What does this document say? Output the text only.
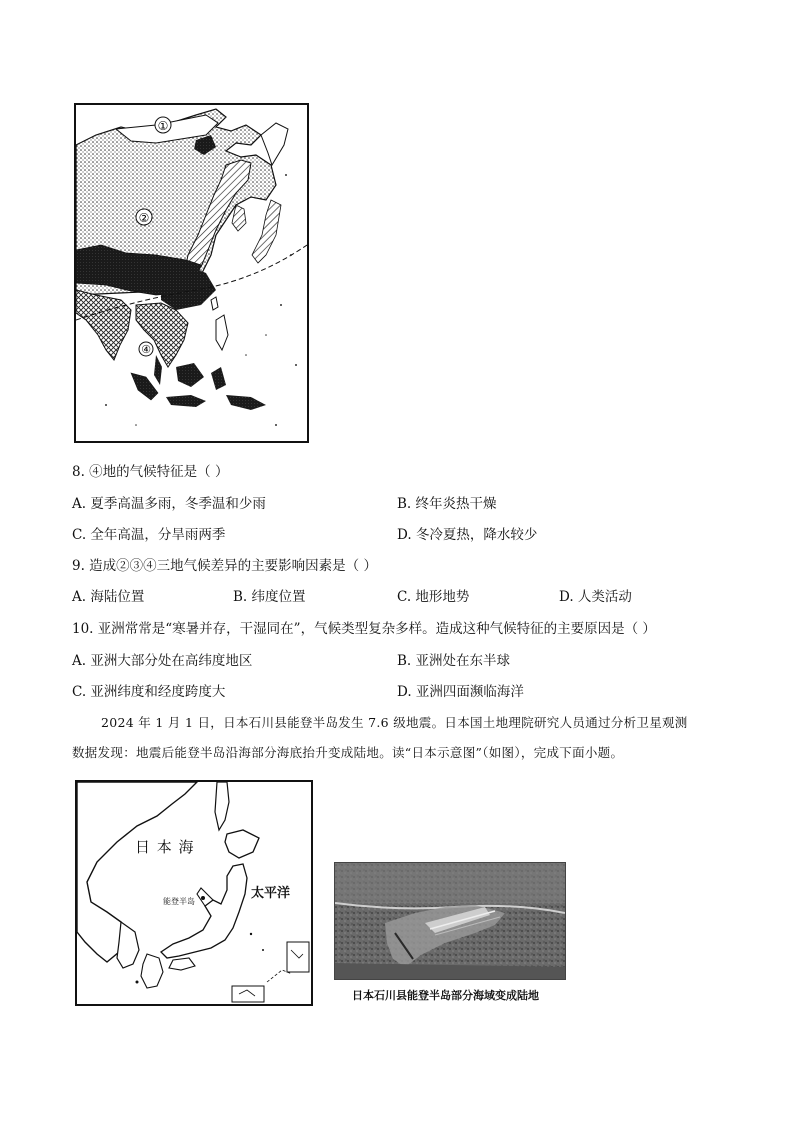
①
②
④
8. ④地的气候特征是（ ）
A. 夏季高温多雨，冬季温和少雨	B. 终年炎热干燥
C. 全年高温，分旱雨两季	D. 冬冷夏热，降水较少
9. 造成②③④三地气候差异的主要影响因素是（ ）
A. 海陆位置	B. 纬度位置	C. 地形地势	D. 人类活动
10. 亚洲常常是“寒暑并存，干湿同在”，气候类型复杂多样。造成这种气候特征的主要原因是（ ）
A. 亚洲大部分处在高纬度地区	B. 亚洲处在东半球
C. 亚洲纬度和经度跨度大	D. 亚洲四面濒临海洋
2024 年 1 月 1 日，日本石川县能登半岛发生 7.6 级地震。日本国土地理院研究人员通过分析卫星观测
数据发现：地震后能登半岛沿海部分海底抬升变成陆地。读“日本示意图”（如图），完成下面小题。
日 本 海
太平洋
能登半岛
日本石川县能登半岛部分海域变成陆地
